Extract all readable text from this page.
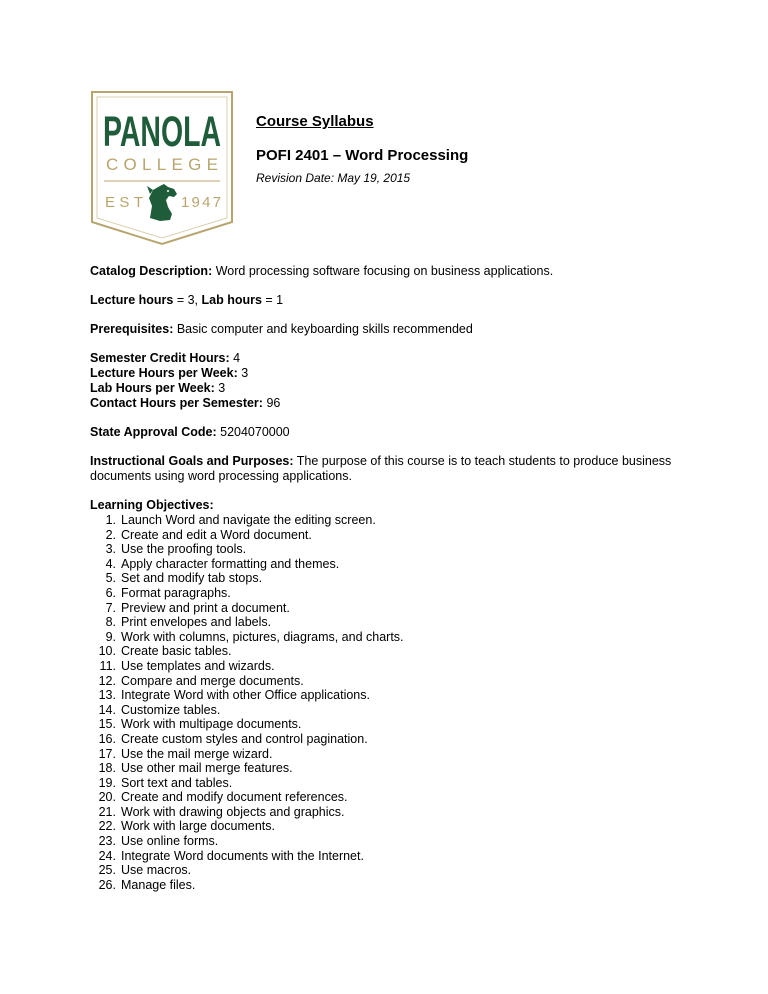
PANOLA
COLLEGE
EST	1947

Course Syllabus

POFI 2401 – Word Processing

Revision Date: May 19, 2015

Catalog Description: Word processing software focusing on business applications.

Lecture hours = 3, Lab hours = 1

Prerequisites: Basic computer and keyboarding skills recommended

Semester Credit Hours: 4
Lecture Hours per Week: 3
Lab Hours per Week: 3
Contact Hours per Semester: 96

State Approval Code: 5204070000

Instructional Goals and Purposes: The purpose of this course is to teach students to produce business documents using word processing applications.

Learning Objectives:
1. Launch Word and navigate the editing screen.
2. Create and edit a Word document.
3. Use the proofing tools.
4. Apply character formatting and themes.
5. Set and modify tab stops.
6. Format paragraphs.
7. Preview and print a document.
8. Print envelopes and labels.
9. Work with columns, pictures, diagrams, and charts.
10. Create basic tables.
11. Use templates and wizards.
12. Compare and merge documents.
13. Integrate Word with other Office applications.
14. Customize tables.
15. Work with multipage documents.
16. Create custom styles and control pagination.
17. Use the mail merge wizard.
18. Use other mail merge features.
19. Sort text and tables.
20. Create and modify document references.
21. Work with drawing objects and graphics.
22. Work with large documents.
23. Use online forms.
24. Integrate Word documents with the Internet.
25. Use macros.
26. Manage files.
